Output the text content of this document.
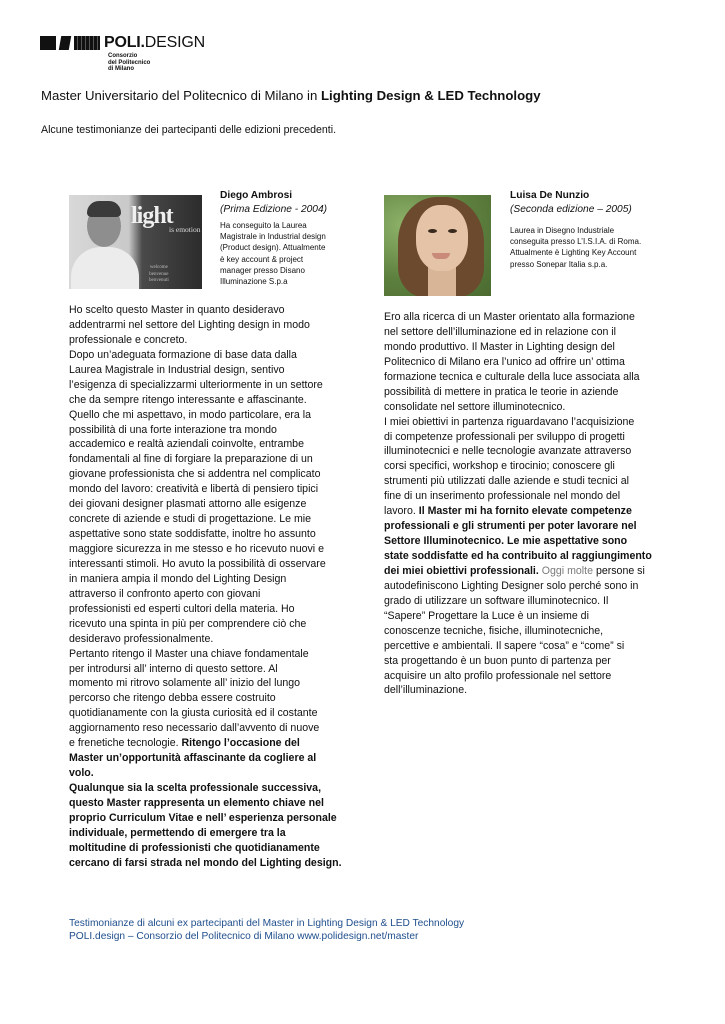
POLI.DESIGN
Consorzio
del Politecnico
di Milano
Master Universitario del Politecnico di Milano in Lighting Design & LED Technology
Alcune testimonianze dei partecipanti delle edizioni precedenti.
light
is emotion
welcome
benvenue
benvenuti
Diego Ambrosi
(Prima Edizione - 2004)
Ha conseguito la Laurea
Magistrale in Industrial design
(Product design). Attualmente
è key account & project
manager presso Disano
Illuminazione S.p.a
Luisa De Nunzio
(Seconda edizione – 2005)
Laurea in Disegno Industriale
conseguita presso L’I.S.I.A. di Roma.
Attualmente è Lighting Key Account
presso Sonepar Italia s.p.a.

Ho scelto questo Master in quanto desideravo

addentrarmi nel settore del Lighting design in modo

professionale e concreto.

Dopo un’adeguata formazione di base data dalla

Laurea Magistrale in Industrial design, sentivo

l’esigenza di specializzarmi ulteriormente in un settore

che da sempre ritengo interessante e affascinante.

Quello che mi aspettavo, in modo particolare, era la

possibilità di una forte interazione tra mondo

accademico e realtà aziendali coinvolte, entrambe

fondamentali al fine di forgiare la preparazione di un

giovane professionista che si addentra nel complicato

mondo del lavoro: creatività e libertà di pensiero tipici

dei giovani designer plasmati attorno alle esigenze

concrete di aziende e studi di progettazione. Le mie

aspettative sono state soddisfatte, inoltre ho assunto

maggiore sicurezza in me stesso e ho ricevuto nuovi e

interessanti stimoli. Ho avuto la possibilità di osservare

in maniera ampia il mondo del Lighting Design

attraverso il confronto aperto con giovani

professionisti ed esperti cultori della materia. Ho

ricevuto una spinta in più per comprendere ciò che

desideravo professionalmente.

Pertanto ritengo il Master una chiave fondamentale

per introdursi all’ interno di questo settore. Al

momento mi ritrovo solamente all’ inizio del lungo

percorso che ritengo debba essere costruito

quotidianamente con la giusta curiosità ed il costante

aggiornamento reso necessario dall’avvento di nuove

e frenetiche tecnologie. Ritengo l’occasione del

Master un’opportunità affascinante da cogliere al

volo.

Qualunque sia la scelta professionale successiva,

questo Master rappresenta un elemento chiave nel

proprio Curriculum Vitae e nell’ esperienza personale

individuale, permettendo di emergere tra la

moltitudine di professionisti che quotidianamente

cercano di farsi strada nel mondo del Lighting design.

Ero alla ricerca di un Master orientato alla formazione

nel settore dell’illuminazione ed in relazione con il

mondo produttivo. Il Master in Lighting design del

Politecnico di Milano era l’unico ad offrire un’ ottima

formazione tecnica e culturale della luce associata alla

possibilità di mettere in pratica le teorie in aziende

consolidate nel settore illuminotecnico.

I miei obiettivi in partenza riguardavano l’acquisizione

di competenze professionali per sviluppo di progetti

illuminotecnici e nelle tecnologie avanzate attraverso

corsi specifici, workshop e tirocinio; conoscere gli

strumenti più utilizzati dalle aziende e studi tecnici al

fine di un inserimento professionale nel mondo del

lavoro. Il Master mi ha fornito elevate competenze

professionali e gli strumenti per poter lavorare nel

Settore Illuminotecnico. Le mie aspettative sono

state soddisfatte ed ha contribuito al raggiungimento

dei miei obiettivi professionali. Oggi molte persone si

autodefiniscono Lighting Designer solo perché sono in

grado di utilizzare un software illuminotecnico. Il

“Sapere” Progettare la Luce è un insieme di

conoscenze tecniche, fisiche, illuminotecniche,

percettive e ambientali. Il sapere “cosa” e “come” si

sta progettando è un buon punto di partenza per

acquisire un alto profilo professionale nel settore

dell’illuminazione.

Testimonianze di alcuni ex partecipanti del Master in Lighting Design & LED Technology
POLI.design – Consorzio del Politecnico di Milano www.polidesign.net/master
